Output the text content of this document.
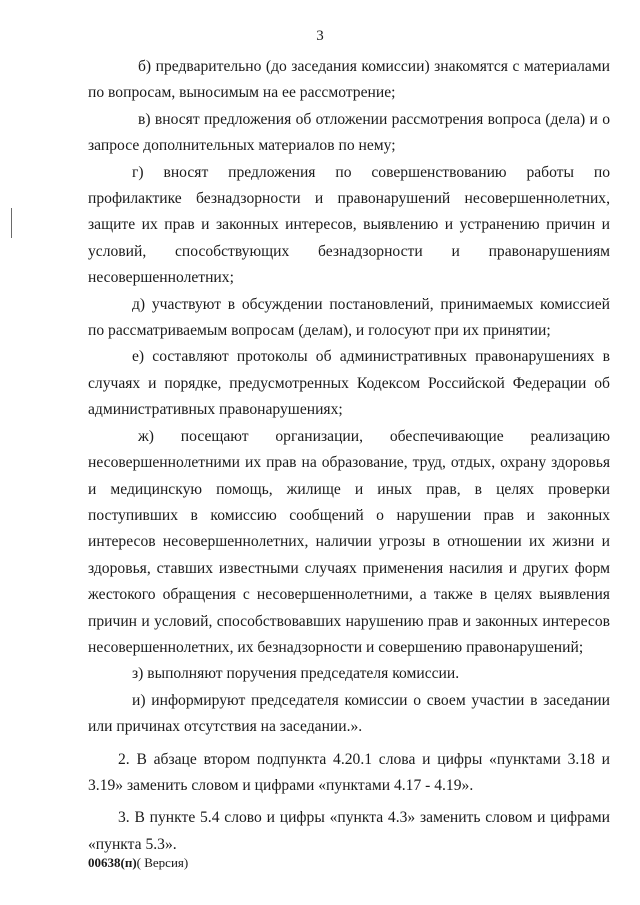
3

б) предварительно (до заседания комиссии) знакомятся с материалами по вопросам, выносимым на ее рассмотрение;

в) вносят предложения об отложении рассмотрения вопроса (дела) и о запросе дополнительных материалов по нему;

г) вносят предложения по совершенствованию работы по профилактике безнадзорности и правонарушений несовершеннолетних, защите их прав и законных интересов, выявлению и устранению причин и условий, способствующих безнадзорности и правонарушениям несовершеннолетних;

д) участвуют в обсуждении постановлений, принимаемых комиссией по рассматриваемым вопросам (делам), и голосуют при их принятии;

е) составляют протоколы об административных правонарушениях в случаях и порядке, предусмотренных Кодексом Российской Федерации об административных правонарушениях;

ж) посещают организации, обеспечивающие реализацию несовершеннолетними их прав на образование, труд, отдых, охрану здоровья и медицинскую помощь, жилище и иных прав, в целях проверки поступивших в комиссию сообщений о нарушении прав и законных интересов несовершеннолетних, наличии угрозы в отношении их жизни и здоровья, ставших известными случаях применения насилия и других форм жестокого обращения с несовершеннолетними, а также в целях выявления причин и условий, способствовавших нарушению прав и законных интересов несовершеннолетних, их безнадзорности и совершению правонарушений;

з) выполняют поручения председателя комиссии.

и) информируют председателя комиссии о своем участии в заседании или причинах отсутствия на заседании.».

2. В абзаце втором подпункта 4.20.1 слова и цифры «пунктами 3.18 и 3.19» заменить словом и цифрами «пунктами 4.17 - 4.19».

3. В пункте 5.4 слово и цифры «пункта 4.3» заменить словом и цифрами «пункта 5.3».

00638(п)( Версия)
